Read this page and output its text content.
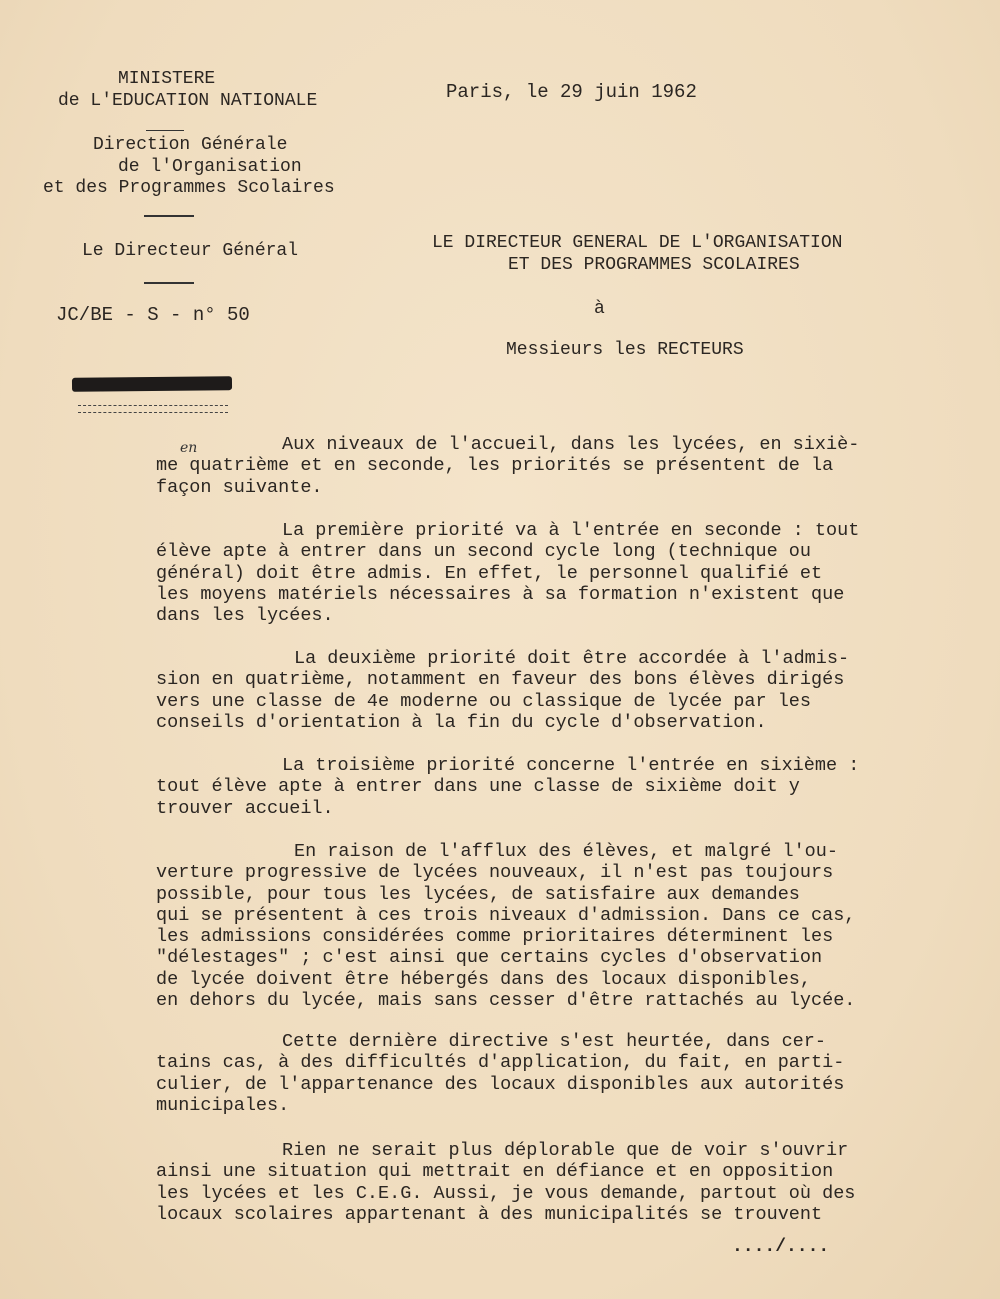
MINISTERE
de L'EDUCATION NATIONALE
Direction Générale
de l'Organisation
et des Programmes Scolaires
Le Directeur Général
JC/BE - S - n° 50
Paris, le 29 juin 1962
LE DIRECTEUR GENERAL DE L'ORGANISATION
ET DES PROGRAMMES SCOLAIRES
à
Messieurs les RECTEURS
en	Aux niveaux de l'accueil, dans les lycées, en sixiè-
me quatrième et en seconde, les priorités se présentent de la
façon suivante.
La première priorité va à l'entrée en seconde : tout
élève apte à entrer dans un second cycle long (technique ou
général) doit être admis. En effet, le personnel qualifié et
les moyens matériels nécessaires à sa formation n'existent que
dans les lycées.
La deuxième priorité doit être accordée à l'admis-
sion en quatrième, notamment en faveur des bons élèves dirigés
vers une classe de 4e moderne ou classique de lycée par les
conseils d'orientation à la fin du cycle d'observation.
La troisième priorité concerne l'entrée en sixième :
tout élève apte à entrer dans une classe de sixième doit y
trouver accueil.
En raison de l'afflux des élèves, et malgré l'ou-
verture progressive de lycées nouveaux, il n'est pas toujours
possible, pour tous les lycées, de satisfaire aux demandes
qui se présentent à ces trois niveaux d'admission. Dans ce cas,
les admissions considérées comme prioritaires déterminent les
"délestages" ; c'est ainsi que certains cycles d'observation
de lycée doivent être hébergés dans des locaux disponibles,
en dehors du lycée, mais sans cesser d'être rattachés au lycée.
Cette dernière directive s'est heurtée, dans cer-
tains cas, à des difficultés d'application, du fait, en parti-
culier, de l'appartenance des locaux disponibles aux autorités
municipales.
Rien ne serait plus déplorable que de voir s'ouvrir
ainsi une situation qui mettrait en défiance et en opposition
les lycées et les C.E.G. Aussi, je vous demande, partout où des
locaux scolaires appartenant à des municipalités se trouvent
..../....
